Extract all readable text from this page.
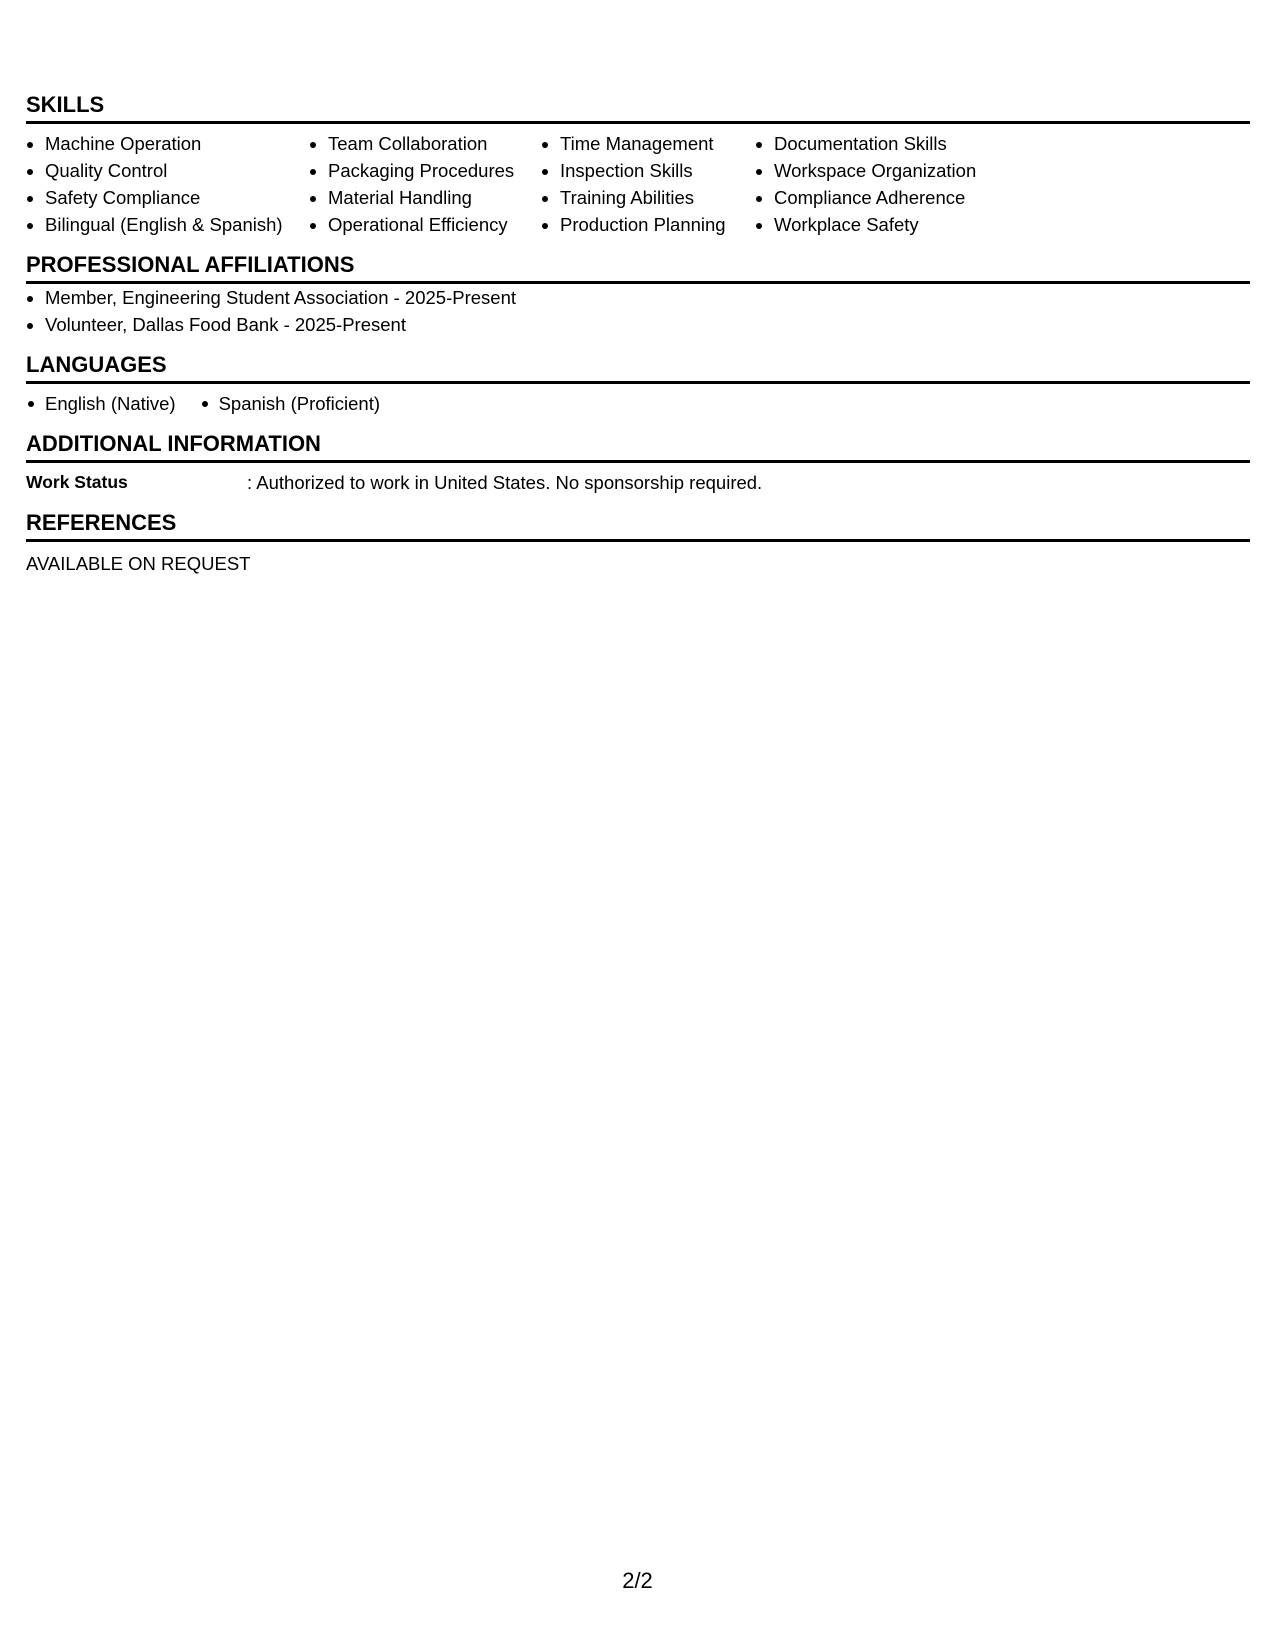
SKILLS
• Machine Operation
• Quality Control
• Safety Compliance
• Bilingual (English & Spanish)
• Team Collaboration
• Packaging Procedures
• Material Handling
• Operational Efficiency
• Time Management
• Inspection Skills
• Training Abilities
• Production Planning
• Documentation Skills
• Workspace Organization
• Compliance Adherence
• Workplace Safety
PROFESSIONAL AFFILIATIONS
• Member, Engineering Student Association - 2025-Present
• Volunteer, Dallas Food Bank - 2025-Present
LANGUAGES
English (Native)	Spanish (Proficient)
ADDITIONAL INFORMATION
Work Status	: Authorized to work in United States. No sponsorship required.
REFERENCES
AVAILABLE ON REQUEST
2/2
